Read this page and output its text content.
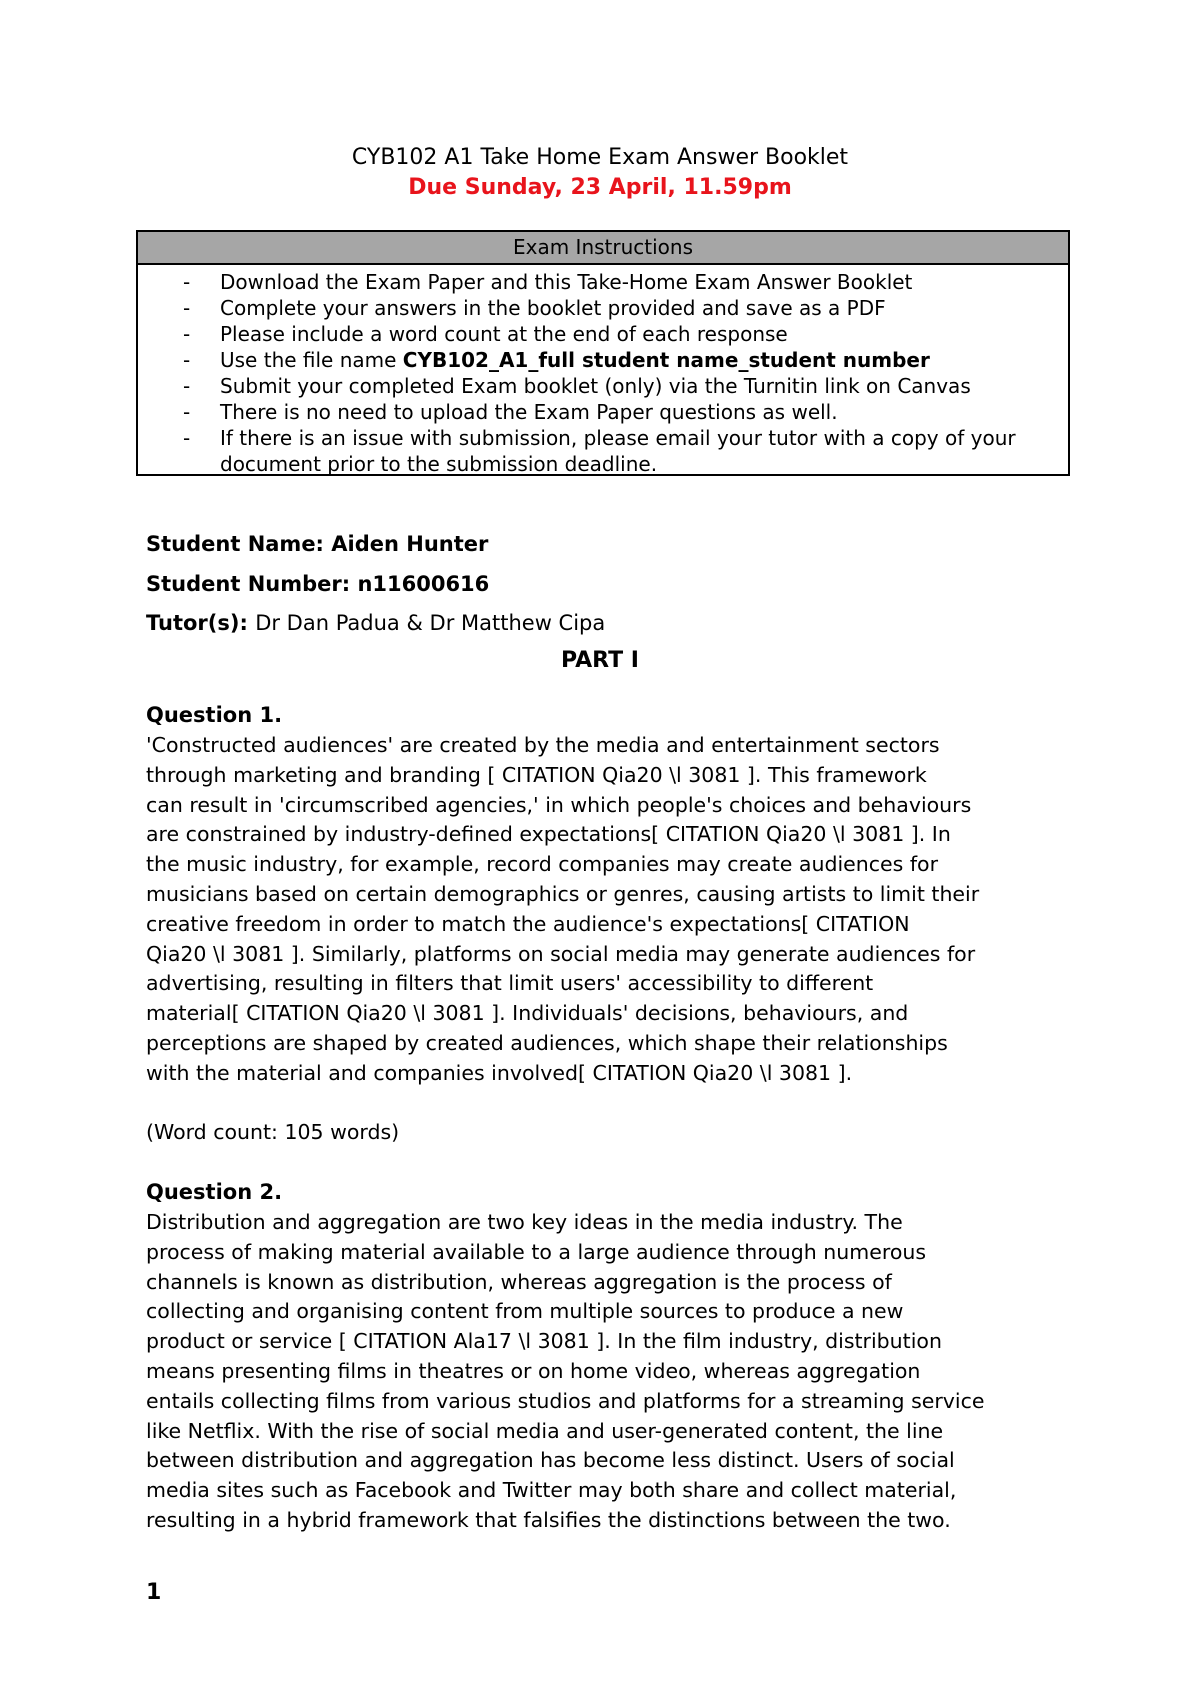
CYB102 A1 Take Home Exam Answer Booklet
Due Sunday, 23 April, 11.59pm
Exam Instructions
- Download the Exam Paper and this Take-Home Exam Answer Booklet
- Complete your answers in the booklet provided and save as a PDF
- Please include a word count at the end of each response
- Use the file name CYB102_A1_full student name_student number
- Submit your completed Exam booklet (only) via the Turnitin link on Canvas
- There is no need to upload the Exam Paper questions as well.
- If there is an issue with submission, please email your tutor with a copy of your document prior to the submission deadline.
Student Name: Aiden Hunter
Student Number: n11600616
Tutor(s): Dr Dan Padua & Dr Matthew Cipa
PART I
Question 1.

'Constructed audiences' are created by the media and entertainment sectors
through marketing and branding [ CITATION Qia20 \l 3081 ]. This framework
can result in 'circumscribed agencies,' in which people's choices and behaviours
are constrained by industry-defined expectations[ CITATION Qia20 \l 3081 ]. In
the music industry, for example, record companies may create audiences for
musicians based on certain demographics or genres, causing artists to limit their
creative freedom in order to match the audience's expectations[ CITATION
Qia20 \l 3081 ]. Similarly, platforms on social media may generate audiences for
advertising, resulting in filters that limit users' accessibility to different
material[ CITATION Qia20 \l 3081 ]. Individuals' decisions, behaviours, and
perceptions are shaped by created audiences, which shape their relationships
with the material and companies involved[ CITATION Qia20 \l 3081 ].

(Word count: 105 words)
Question 2.

Distribution and aggregation are two key ideas in the media industry. The
process of making material available to a large audience through numerous
channels is known as distribution, whereas aggregation is the process of
collecting and organising content from multiple sources to produce a new
product or service [ CITATION Ala17 \l 3081 ]. In the film industry, distribution
means presenting films in theatres or on home video, whereas aggregation
entails collecting films from various studios and platforms for a streaming service
like Netflix. With the rise of social media and user-generated content, the line
between distribution and aggregation has become less distinct. Users of social
media sites such as Facebook and Twitter may both share and collect material,
resulting in a hybrid framework that falsifies the distinctions between the two.

1
